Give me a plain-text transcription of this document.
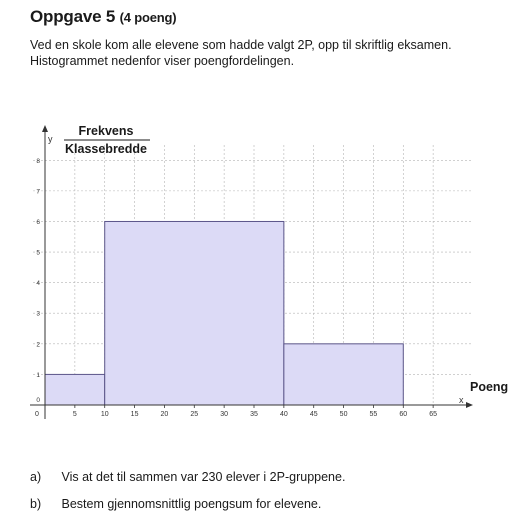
Oppgave 5 (4 poeng)
Ved en skole kom alle elevene som hadde valgt 2P, opp til skriftlig eksamen.
Histogrammet nedenfor viser poengfordelingen.
0	5	10	15	20	25	30	35	40	45	50	55	60	65
0
1
2
3
4
5
6
7
8
y
x
Frekvens
Klassebredde
Poeng
a) Vis at det til sammen var 230 elever i 2P-gruppene.
b) Bestem gjennomsnittlig poengsum for elevene.
